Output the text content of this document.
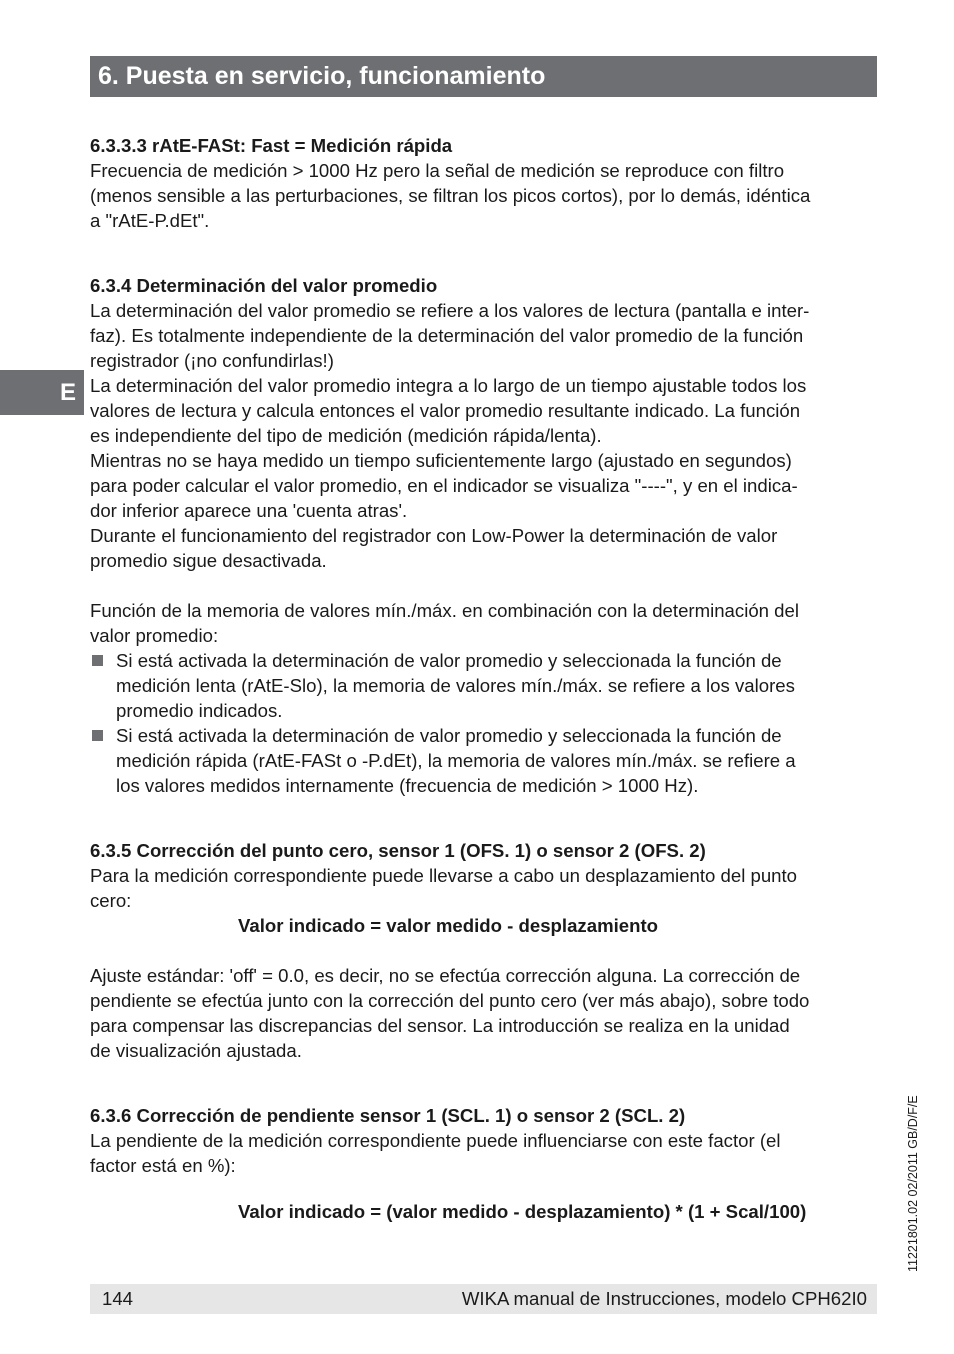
6. Puesta en servicio, funcionamiento
E

6.3.3.3 rAtE-FASt: Fast = Medición rápida

Frecuencia de medición > 1000 Hz pero la señal de medición se reproduce con filtro

(menos sensible a las perturbaciones, se filtran los picos cortos), por lo demás, idéntica

a "rAtE-P.dEt".

6.3.4 Determinación del valor promedio

La determinación del valor promedio se refiere a los valores de lectura (pantalla e inter-

faz). Es totalmente independiente de la determinación del valor promedio de la función

registrador (¡no confundirlas!)

La determinación del valor promedio integra a lo largo de un tiempo ajustable todos los

valores de lectura y calcula entonces el valor promedio resultante indicado. La función

es independiente del tipo de medición (medición rápida/lenta).

Mientras no se haya medido un tiempo suficientemente largo (ajustado en segundos)

para poder calcular el valor promedio, en el indicador se visualiza "----", y en el indica-

dor inferior aparece una 'cuenta atras'.

Durante el funcionamiento del registrador con Low-Power la determinación de valor

promedio sigue desactivada.

Función de la memoria de valores mín./máx. en combinación con la determinación del

valor promedio:

Si está activada la determinación de valor promedio y seleccionada la función de

medición lenta (rAtE-Slo), la memoria de valores mín./máx. se refiere a los valores

promedio indicados.

Si está activada la determinación de valor promedio y seleccionada la función de

medición rápida (rAtE-FASt o -P.dEt), la memoria de valores mín./máx. se refiere a

los valores medidos internamente (frecuencia de medición > 1000 Hz).

6.3.5 Corrección del punto cero, sensor 1 (OFS. 1) o sensor 2 (OFS. 2)

Para la medición correspondiente puede llevarse a cabo un desplazamiento del punto

cero:

Valor indicado = valor medido - desplazamiento

Ajuste estándar: 'off' = 0.0, es decir, no se efectúa corrección alguna. La corrección de

pendiente se efectúa junto con la corrección del punto cero (ver más abajo), sobre todo

para compensar las discrepancias del sensor. La introducción se realiza en la unidad

de visualización ajustada.

6.3.6 Corrección de pendiente sensor 1 (SCL. 1) o sensor 2 (SCL. 2)

La pendiente de la medición correspondiente puede influenciarse con este factor (el

factor está en %):

Valor indicado = (valor medido - desplazamiento) * (1 + Scal/100)

144	WIKA manual de Instrucciones, modelo CPH62I0
11221801.02 02/2011 GB/D/F/E
